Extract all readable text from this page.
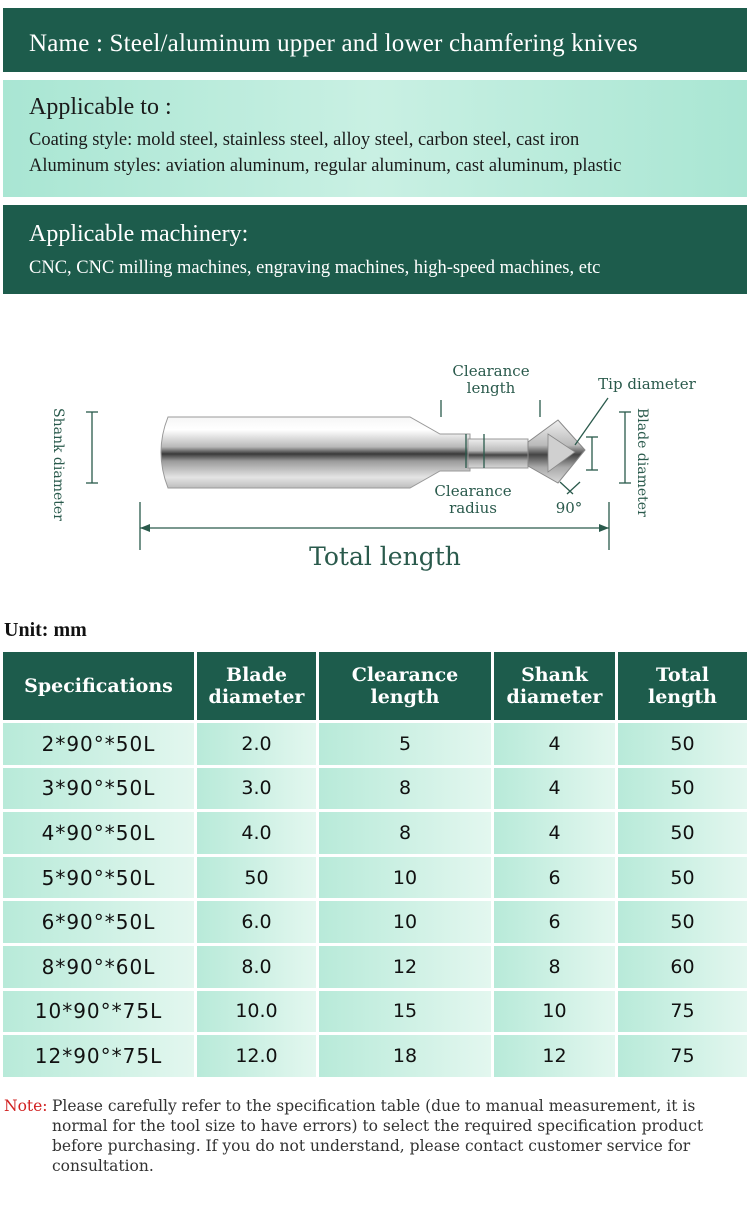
Name : Steel/aluminum upper and lower chamfering knives
Applicable to :
Coating style: mold steel, stainless steel, alloy steel, carbon steel, cast iron
Aluminum styles: aviation aluminum, regular aluminum, cast aluminum, plastic
Applicable machinery:
CNC, CNC milling machines, engraving machines, high-speed machines, etc
Clearance length	Tip diameter
Shank diameter	Blade diameter
Clearance radius	90°
Total length
Unit: mm
Specifications	Blade diameter	Clearance length	Shank diameter	Total length
2*90°*50L	2.0	5	4	50
3*90°*50L	3.0	8	4	50
4*90°*50L	4.0	8	4	50
5*90°*50L	50	10	6	50
6*90°*50L	6.0	10	6	50
8*90°*60L	8.0	12	8	60
10*90°*75L	10.0	15	10	75
12*90°*75L	12.0	18	12	75
Note: Please carefully refer to the specification table (due to manual measurement, it is normal for the tool size to have errors) to select the required specification product before purchasing. If you do not understand, please contact customer service for consultation.
